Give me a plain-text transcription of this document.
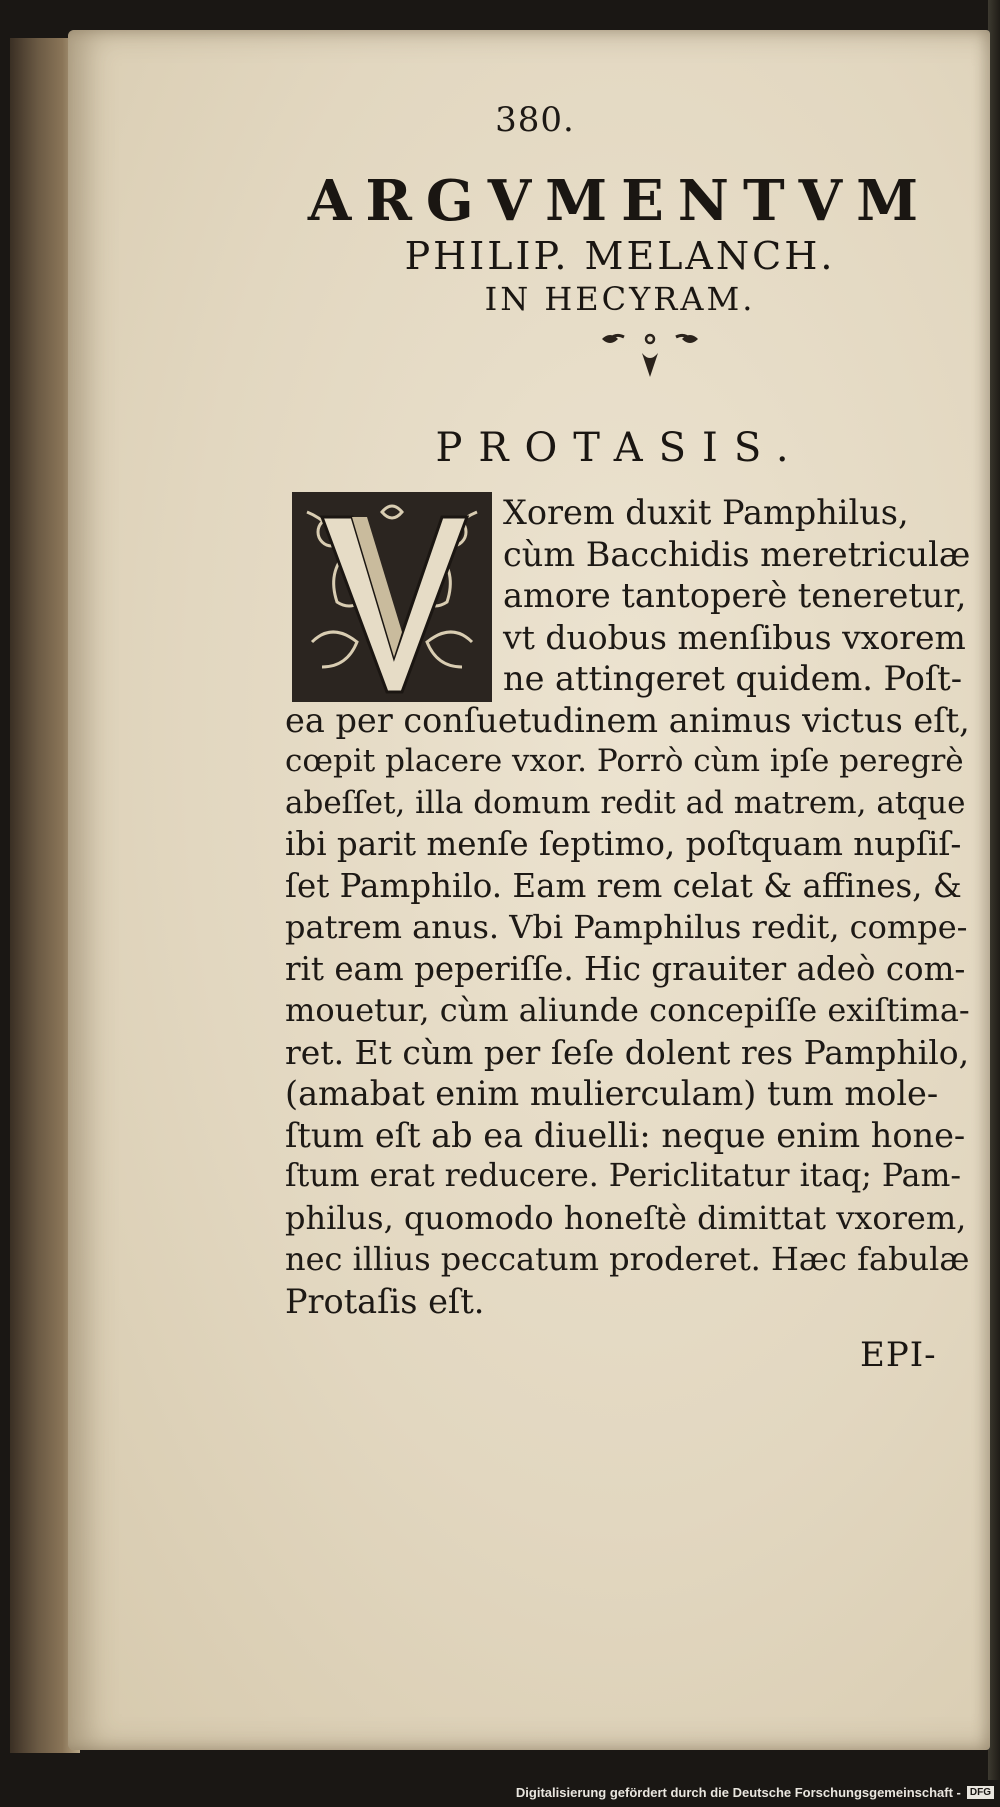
380.
ARGVMENTVM
PHILIP. MELANCH.
IN HECYRAM.
PROTASIS.
Xorem duxit Pamphilus,
cùm Bacchidis meretriculæ
amore tantoperè teneretur,
vt duobus menſibus vxorem
ne attingeret quidem. Poſt-
ea per conſuetudinem animus victus eſt,
cœpit placere vxor. Porrò cùm ipſe peregrè
abeſſet, illa domum redit ad matrem, atque
ibi parit menſe ſeptimo, poſtquam nupſiſ-
ſet Pamphilo. Eam rem celat & affines, &
patrem anus. Vbi Pamphilus redit, compe-
rit eam peperiſſe. Hic grauiter adeò com-
mouetur, cùm aliunde concepiſſe exiſtima-
ret. Et cùm per ſeſe dolent res Pamphilo,
(amabat enim mulierculam) tum mole-
ſtum eſt ab ea diuelli: neque enim hone-
ſtum erat reducere. Periclitatur itaq; Pam-
philus, quomodo honeſtè dimittat vxorem,
nec illius peccatum proderet. Hæc fabulæ
Protaſis eſt.
EPI-
Digitalisierung gefördert durch die Deutsche Forschungsgemeinschaft - DFG
